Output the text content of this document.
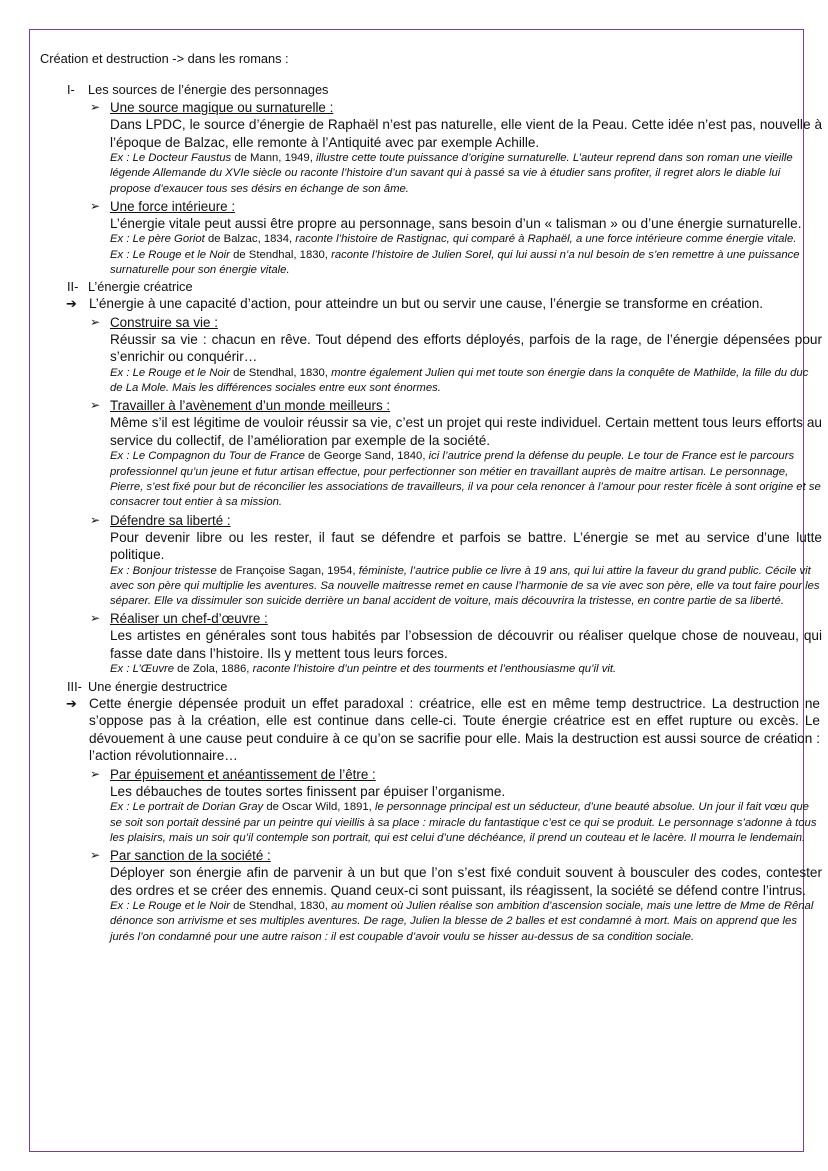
Création et destruction -> dans les romans :
I- Les sources de l’énergie des personnages
➢ Une source magique ou surnaturelle :
Dans LPDC, le source d’énergie de Raphaël n’est pas naturelle, elle vient de la Peau. Cette idée n’est pas, nouvelle à l’époque de Balzac, elle remonte à l’Antiquité avec par exemple Achille.
Ex : Le Docteur Faustus de Mann, 1949, illustre cette toute puissance d’origine surnaturelle. L’auteur reprend dans son roman une vieille légende Allemande du XVIe siècle ou raconte l’histoire d’un savant qui à passé sa vie à étudier sans profiter, il regret alors le diable lui propose d’exaucer tous ses désirs en échange de son âme.
➢ Une force intérieure :
L’énergie vitale peut aussi être propre au personnage, sans besoin d’un « talisman » ou d’une énergie surnaturelle.
Ex : Le père Goriot de Balzac, 1834, raconte l’histoire de Rastignac, qui comparé à Raphaël, a une force intérieure comme énergie vitale.
Ex : Le Rouge et le Noir de Stendhal, 1830, raconte l’histoire de Julien Sorel, qui lui aussi n’a nul besoin de s’en remettre à une puissance surnaturelle pour son énergie vitale.
II- L’énergie créatrice
➔ L’énergie à une capacité d’action, pour atteindre un but ou servir une cause, l’énergie se transforme en création.
➢ Construire sa vie :
Réussir sa vie : chacun en rêve. Tout dépend des efforts déployés, parfois de la rage, de l’énergie dépensées pour s’enrichir ou conquérir…
Ex : Le Rouge et le Noir de Stendhal, 1830, montre également Julien qui met toute son énergie dans la conquête de Mathilde, la fille du duc de La Mole. Mais les différences sociales entre eux sont énormes.
➢ Travailler à l’avènement d’un monde meilleurs :
Même s’il est légitime de vouloir réussir sa vie, c’est un projet qui reste individuel. Certain mettent tous leurs efforts au service du collectif, de l’amélioration par exemple de la société.
Ex : Le Compagnon du Tour de France de George Sand, 1840, ici l’autrice prend la défense du peuple. Le tour de France est le parcours professionnel qu’un jeune et futur artisan effectue, pour perfectionner son métier en travaillant auprès de maitre artisan. Le personnage, Pierre, s’est fixé pour but de réconcilier les associations de travailleurs, il va pour cela renoncer à l’amour pour rester ficèle à sont origine et se consacrer tout entier à sa mission.
➢ Défendre sa liberté :
Pour devenir libre ou les rester, il faut se défendre et parfois se battre. L’énergie se met au service d’une lutte politique.
Ex : Bonjour tristesse de Françoise Sagan, 1954, féministe, l’autrice publie ce livre à 19 ans, qui lui attire la faveur du grand public. Cécile vit avec son père qui multiplie les aventures. Sa nouvelle maitresse remet en cause l’harmonie de sa vie avec son père, elle va tout faire pour les séparer. Elle va dissimuler son suicide derrière un banal accident de voiture, mais découvrira la tristesse, en contre partie de sa liberté.
➢ Réaliser un chef-d’œuvre :
Les artistes en générales sont tous habités par l’obsession de découvrir ou réaliser quelque chose de nouveau, qui fasse date dans l’histoire. Ils y mettent tous leurs forces.
Ex : L’Œuvre de Zola, 1886, raconte l’histoire d’un peintre et des tourments et l’enthousiasme qu’il vit.
III- Une énergie destructrice
➔ Cette énergie dépensée produit un effet paradoxal : créatrice, elle est en même temp destructrice. La destruction ne s’oppose pas à la création, elle est continue dans celle-ci. Toute énergie créatrice est en effet rupture ou excès. Le dévouement à une cause peut conduire à ce qu’on se sacrifie pour elle. Mais la destruction est aussi source de création : l’action révolutionnaire…
➢ Par épuisement et anéantissement de l’être :
Les débauches de toutes sortes finissent par épuiser l’organisme.
Ex : Le portrait de Dorian Gray de Oscar Wild, 1891, le personnage principal est un séducteur, d’une beauté absolue. Un jour il fait vœu que se soit son portait dessiné par un peintre qui vieillis à sa place : miracle du fantastique c’est ce qui se produit. Le personnage s’adonne à tous les plaisirs, mais un soir qu’il contemple son portrait, qui est celui d’une déchéance, il prend un couteau et le lacère. Il mourra le lendemain.
➢ Par sanction de la société :
Déployer son énergie afin de parvenir à un but que l’on s’est fixé conduit souvent à bousculer des codes, contester des ordres et se créer des ennemis. Quand ceux-ci sont puissant, ils réagissent, la société se défend contre l’intrus.
Ex : Le Rouge et le Noir de Stendhal, 1830, au moment où Julien réalise son ambition d’ascension sociale, mais une lettre de Mme de Rênal dénonce son arrivisme et ses multiples aventures. De rage, Julien la blesse de 2 balles et est condamné à mort. Mais on apprend que les jurés l’on condamné pour une autre raison : il est coupable d’avoir voulu se hisser au-dessus de sa condition sociale.
